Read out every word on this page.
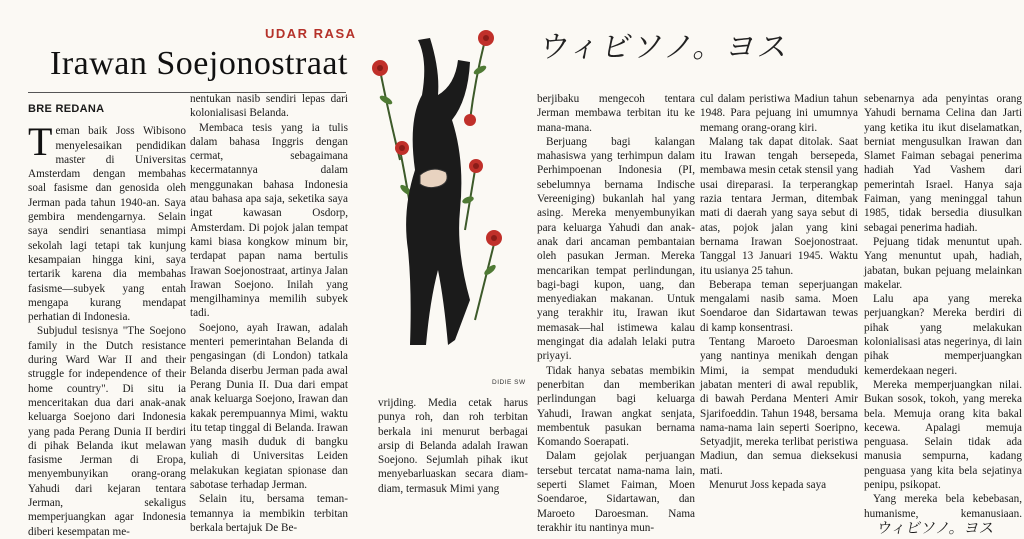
UDAR RASA
Irawan Soejonostraat	ウィビソノ。ヨス
BRE REDANA

Teman baik Joss Wibisono menyelesaikan pendidikan master di Universitas Amsterdam dengan membahas soal fasisme dan genosida oleh Jerman pada tahun 1940-an. Saya gembira mendengarnya. Selain saya sendiri senantiasa mimpi sekolah lagi tetapi tak kunjung kesampaian hingga kini, saya tertarik karena dia membahas fasisme—subyek yang entah mengapa kurang mendapat perhatian di Indonesia.

Subjudul tesisnya "The Soejono family in the Dutch resistance during Ward War II and their struggle for independence of their home country". Di situ ia menceritakan dua dari anak-anak keluarga Soejono dari Indonesia yang pada Perang Dunia II berdiri di pihak Belanda ikut melawan fasisme Jerman di Eropa, menyembunyikan orang-orang Yahudi dari kejaran tentara Jerman, sekaligus memperjuangkan agar Indonesia diberi kesempatan me-

nentukan nasib sendiri lepas dari kolonialisasi Belanda.

Membaca tesis yang ia tulis dalam bahasa Inggris dengan cermat, sebagaimana kecermatannya dalam menggunakan bahasa Indonesia atau bahasa apa saja, seketika saya ingat kawasan Osdorp, Amsterdam. Di pojok jalan tempat kami biasa kongkow minum bir, terdapat papan nama bertulis Irawan Soejonostraat, artinya Jalan Irawan Soejono. Inilah yang mengilhaminya memilih subyek tadi.

Soejono, ayah Irawan, adalah menteri pemerintahan Belanda di pengasingan (di London) tatkala Belanda diserbu Jerman pada awal Perang Dunia II. Dua dari empat anak keluarga Soejono, Irawan dan kakak perempuannya Mimi, waktu itu tetap tinggal di Belanda. Irawan yang masih duduk di bangku kuliah di Universitas Leiden melakukan kegiatan spionase dan sabotase terhadap Jerman.

Selain itu, bersama teman-temannya ia membikin terbitan berkala bertajuk De Be-

DIDIE SW

vrijding. Media cetak harus punya roh, dan roh terbitan berkala ini menurut berbagai arsip di Belanda adalah Irawan Soejono. Sejumlah pihak ikut menyebarluaskan secara diam-diam, termasuk Mimi yang

berjibaku mengecoh tentara Jerman membawa terbitan itu ke mana-mana.

Berjuang bagi kalangan mahasiswa yang terhimpun dalam Perhimpoenan Indonesia (PI, sebelumnya bernama Indische Vereeniging) bukanlah hal yang asing. Mereka menyembunyikan para keluarga Yahudi dan anak-anak dari ancaman pembantaian oleh pasukan Jerman. Mereka mencarikan tempat perlindungan, bagi-bagi kupon, uang, dan menyediakan makanan. Untuk yang terakhir itu, Irawan ikut memasak—hal istimewa kalau mengingat dia adalah lelaki putra priyayi.

Tidak hanya sebatas membikin penerbitan dan memberikan perlindungan bagi keluarga Yahudi, Irawan angkat senjata, membentuk pasukan bernama Komando Soerapati.

Dalam gejolak perjuangan tersebut tercatat nama-nama lain, seperti Slamet Faiman, Moen Soendaroe, Sidartawan, dan Maroeto Daroesman. Nama terakhir itu nantinya mun-

cul dalam peristiwa Madiun tahun 1948. Para pejuang ini umumnya memang orang-orang kiri.

Malang tak dapat ditolak. Saat itu Irawan tengah bersepeda, membawa mesin cetak stensil yang usai direparasi. Ia terperangkap razia tentara Jerman, ditembak mati di daerah yang saya sebut di atas, pojok jalan yang kini bernama Irawan Soejonostraat. Tanggal 13 Januari 1945. Waktu itu usianya 25 tahun.

Beberapa teman seperjuangan mengalami nasib sama. Moen Soendaroe dan Sidartawan tewas di kamp konsentrasi.

Tentang Maroeto Daroesman yang nantinya menikah dengan Mimi, ia sempat menduduki jabatan menteri di awal republik, di bawah Perdana Menteri Amir Sjarifoeddin. Tahun 1948, bersama nama-nama lain seperti Soeripno, Setyadjit, mereka terlibat peristiwa Madiun, dan semua dieksekusi mati.

Menurut Joss kepada saya

sebenarnya ada penyintas orang Yahudi bernama Celina dan Jarti yang ketika itu ikut diselamatkan, berniat mengusulkan Irawan dan Slamet Faiman sebagai penerima hadiah Yad Vashem dari pemerintah Israel. Hanya saja Faiman, yang meninggal tahun 1985, tidak bersedia diusulkan sebagai penerima hadiah.

Pejuang tidak menuntut upah. Yang menuntut upah, hadiah, jabatan, bukan pejuang melainkan makelar.

Lalu apa yang mereka perjuangkan? Mereka berdiri di pihak yang melakukan kolonialisasi atas negerinya, di lain pihak memperjuangkan kemerdekaan negeri.

Mereka memperjuangkan nilai. Bukan sosok, tokoh, yang mereka bela. Memuja orang kita bakal kecewa. Apalagi memuja penguasa. Selain tidak ada manusia sempurna, kadang penguasa yang kita bela sejatinya penipu, psikopat.

Yang mereka bela kebebasan, humanisme, kemanusiaan.ウィビソノ。ヨス
